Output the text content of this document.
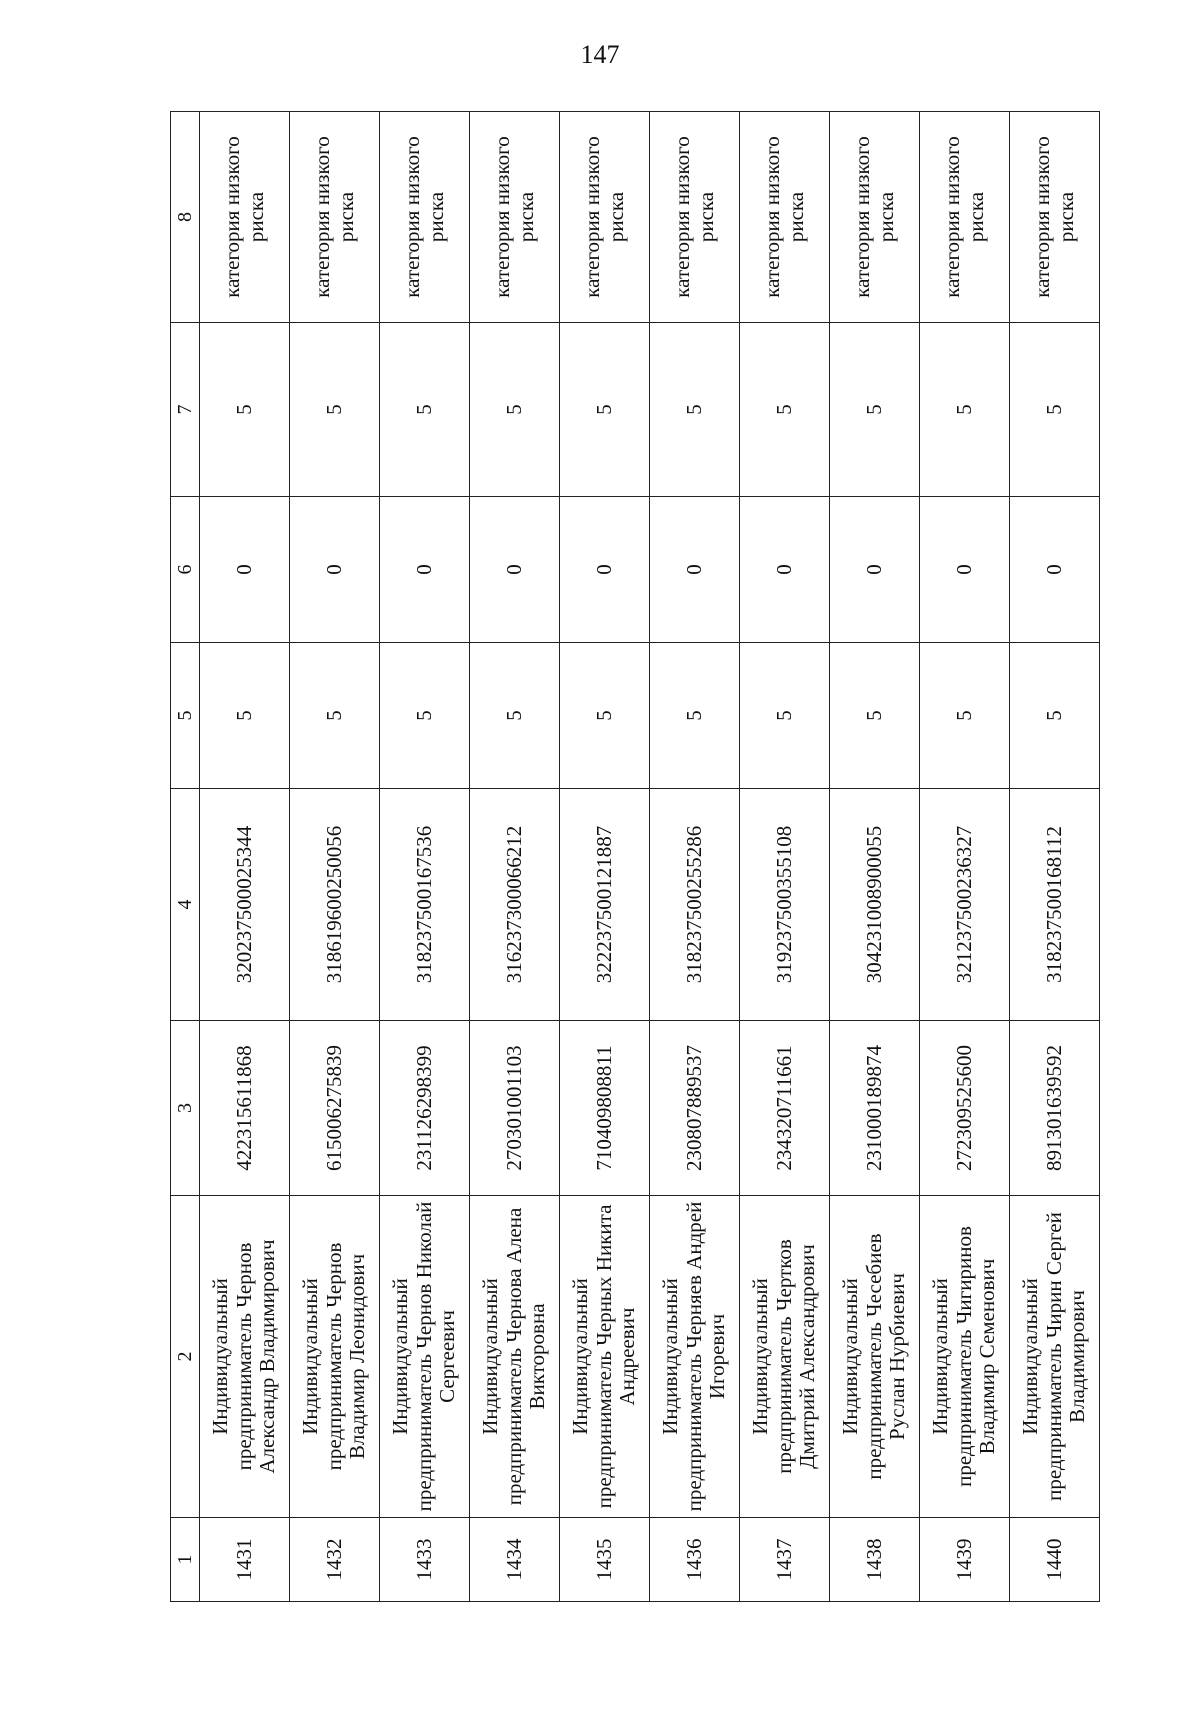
147
1	2	3	4	5	6	7	8
1431	Индивидуальный предприниматель Чернов Александр Владимирович	422315611868	320237500025344	5	0	5	категория низкого риска
1432	Индивидуальный предприниматель Чернов Владимир Леонидович	615006275839	318619600250056	5	0	5	категория низкого риска
1433	Индивидуальный предприниматель Чернов Николай Сергеевич	231126298399	318237500167536	5	0	5	категория низкого риска
1434	Индивидуальный предприниматель Чернова Алена Викторовна	270301001103	316237300066212	5	0	5	категория низкого риска
1435	Индивидуальный предприниматель Черных Никита Андреевич	710409808811	322237500121887	5	0	5	категория низкого риска
1436	Индивидуальный предприниматель Черняев Андрей Игоревич	230807889537	318237500255286	5	0	5	категория низкого риска
1437	Индивидуальный предприниматель Чертков Дмитрий Александрович	234320711661	319237500355108	5	0	5	категория низкого риска
1438	Индивидуальный предприниматель Чесебиев Руслан Нурбиевич	231000189874	304231008900055	5	0	5	категория низкого риска
1439	Индивидуальный предприниматель Чигиринов Владимир Семенович	272309525600	321237500236327	5	0	5	категория низкого риска
1440	Индивидуальный предприниматель Чирин Сергей Владимирович	891301639592	318237500168112	5	0	5	категория низкого риска
